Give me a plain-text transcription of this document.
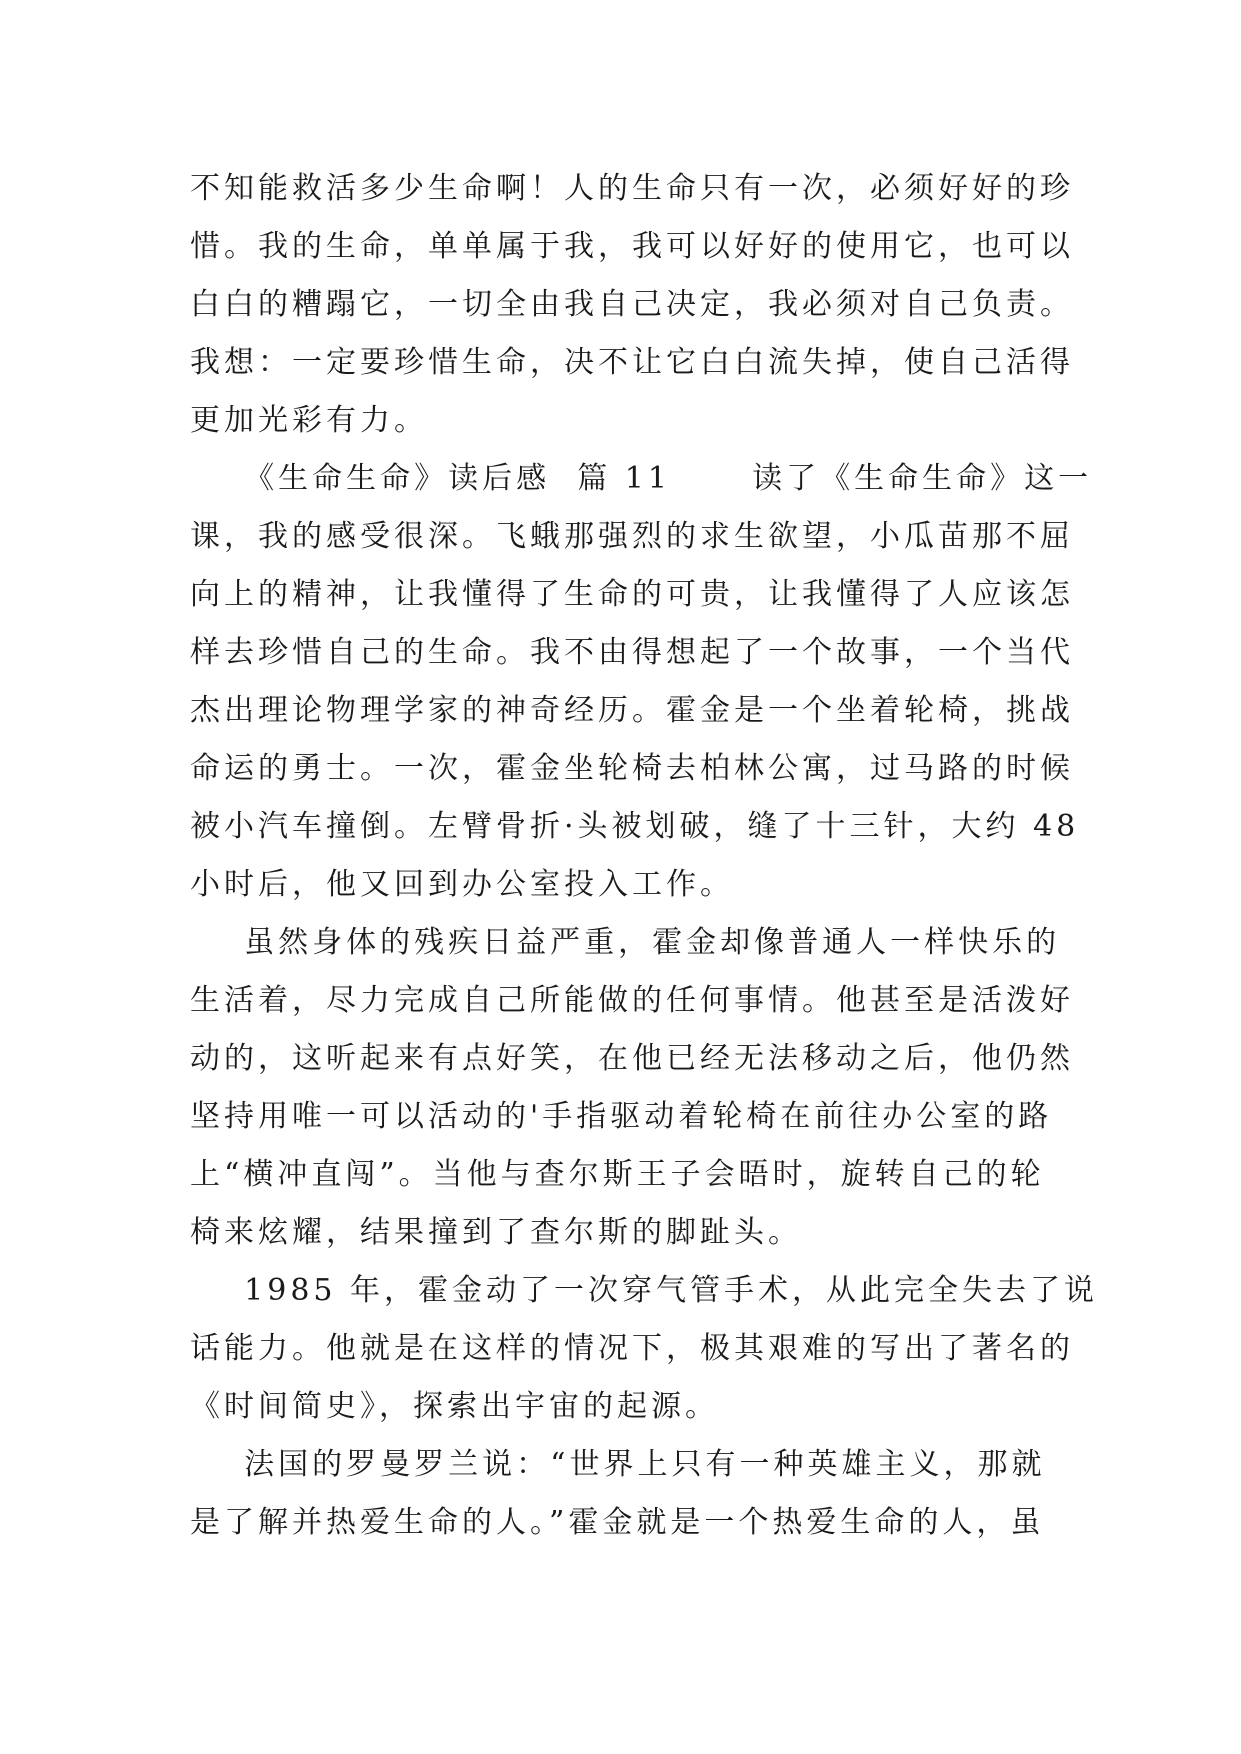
不知能救活多少生命啊！人的生命只有一次，必须好好的珍
惜。我的生命，单单属于我，我可以好好的使用它，也可以
白白的糟蹋它，一切全由我自己决定，我必须对自己负责。
我想：一定要珍惜生命，决不让它白白流失掉，使自己活得
更加光彩有力。
《生命生命》读后感  篇 11      读了《生命生命》这一
课，我的感受很深。飞蛾那强烈的求生欲望，小瓜苗那不屈
向上的精神，让我懂得了生命的可贵，让我懂得了人应该怎
样去珍惜自己的生命。我不由得想起了一个故事，一个当代
杰出理论物理学家的神奇经历。霍金是一个坐着轮椅，挑战
命运的勇士。一次，霍金坐轮椅去柏林公寓，过马路的时候
被小汽车撞倒。左臂骨折·头被划破，缝了十三针，大约 48
小时后，他又回到办公室投入工作。
虽然身体的残疾日益严重，霍金却像普通人一样快乐的
生活着，尽力完成自己所能做的任何事情。他甚至是活泼好
动的，这听起来有点好笑，在他已经无法移动之后，他仍然
坚持用唯一可以活动的'手指驱动着轮椅在前往办公室的路
上“横冲直闯”。当他与查尔斯王子会晤时，旋转自己的轮
椅来炫耀，结果撞到了查尔斯的脚趾头。
1985 年，霍金动了一次穿气管手术，从此完全失去了说
话能力。他就是在这样的情况下，极其艰难的写出了著名的
《时间简史》，探索出宇宙的起源。
法国的罗曼罗兰说：“世界上只有一种英雄主义，那就
是了解并热爱生命的人。”霍金就是一个热爱生命的人，虽
